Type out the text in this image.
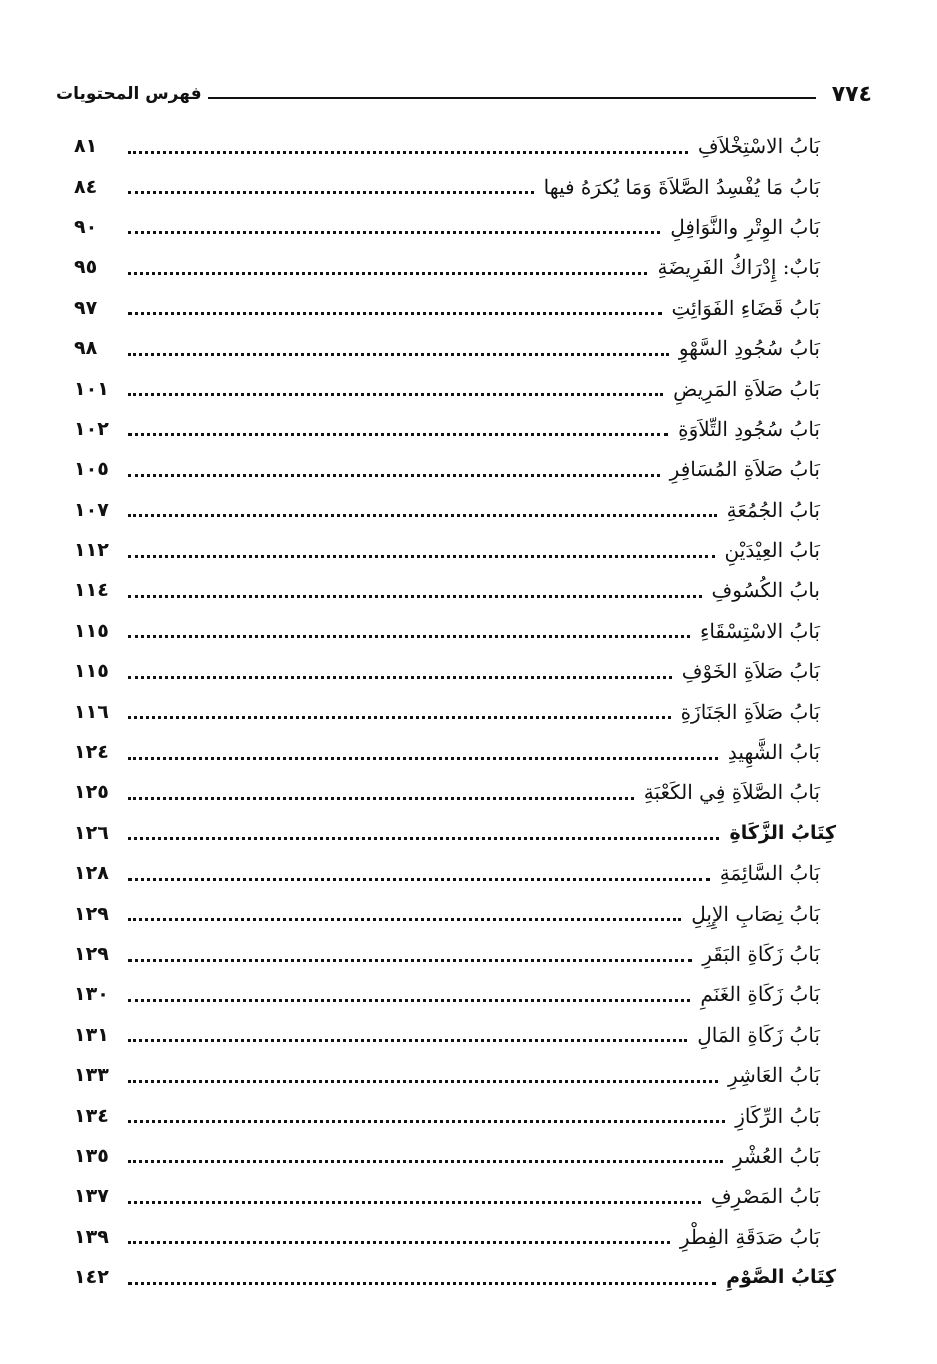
٧٧٤
فهرس المحتويات
بَابُ الاسْتِخْلاَفِ
٨١
بَابُ مَا يُفْسِدُ الصَّلاَةَ وَمَا يُكرَهُ فيها
٨٤
بَابُ الوِتْرِ والنَّوَافِلِ
٩٠
بَابٌ: إِدْرَاكُ الفَرِيضَةِ
٩٥
بَابُ قَضَاءِ الفَوَائِتِ
٩٧
بَابُ سُجُودِ السَّهْوِ
٩٨
بَابُ صَلاَةِ المَرِيضِ
١٠١
بَابُ سُجُودِ التِّلاَوَةِ
١٠٢
بَابُ صَلاَةِ المُسَافِرِ
١٠٥
بَابُ الجُمُعَةِ
١٠٧
بَابُ العِيْدَيْنِ
١١٢
بابُ الكُسُوفِ
١١٤
بَابُ الاسْتِسْقَاءِ
١١٥
بَابُ صَلاَةِ الخَوْفِ
١١٥
بَابُ صَلاَةِ الجَنَازَةِ
١١٦
بَابُ الشَّهِيدِ
١٢٤
بَابُ الصَّلاَةِ فِي الكَعْبَةِ
١٢٥
كِتَابُ الزَّكَاةِ
١٢٦
بَابُ السَّائِمَةِ
١٢٨
بَابُ نِصَابِ الإِبِلِ
١٢٩
بَابُ زَكَاةِ البَقَرِ
١٢٩
بَابُ زَكَاةِ الغَنَمِ
١٣٠
بَابُ زَكَاةِ المَالِ
١٣١
بَابُ العَاشِرِ
١٣٣
بَابُ الرِّكَازِ
١٣٤
بَابُ العُشْرِ
١٣٥
بَابُ المَصْرِفِ
١٣٧
بَابُ صَدَقَةِ الفِطْرِ
١٣٩
كِتَابُ الصَّوْمِ
١٤٢
